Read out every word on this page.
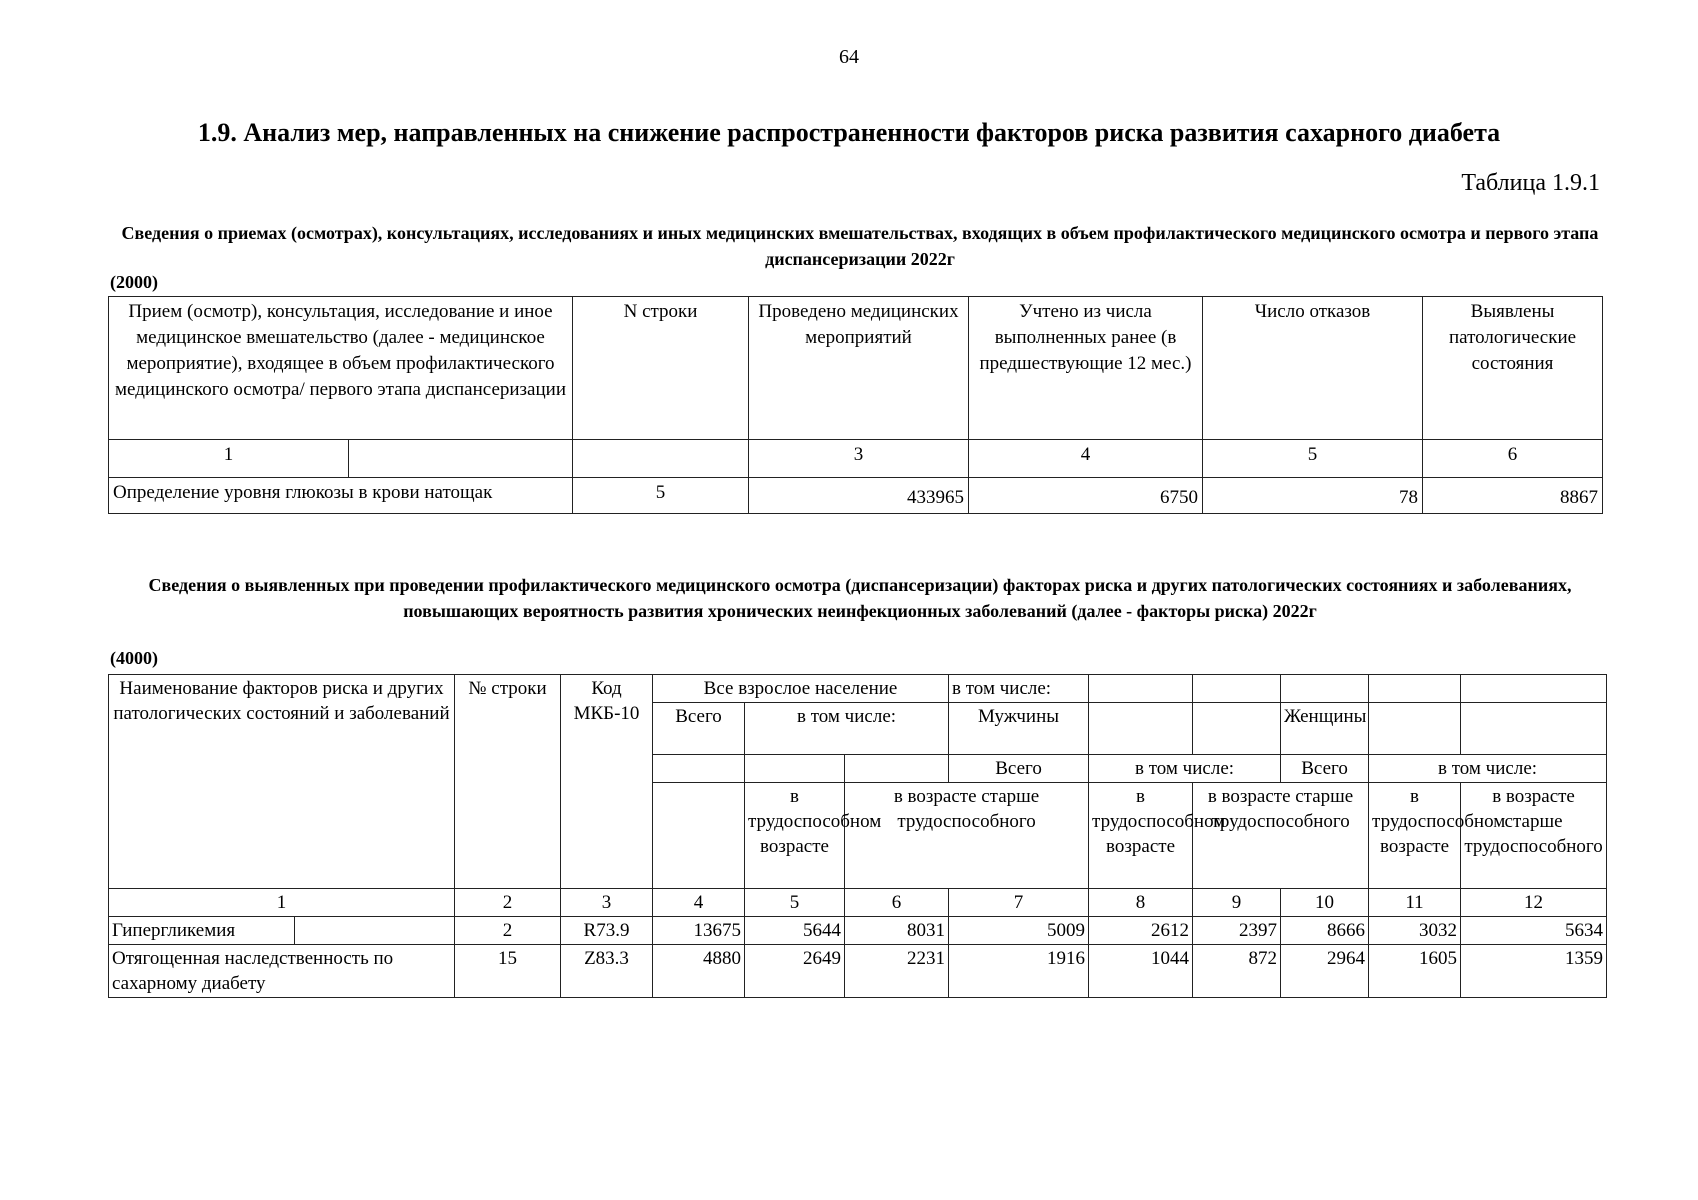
64
1.9. Анализ мер, направленных на снижение распространенности факторов риска развития сахарного диабета
Таблица 1.9.1
Сведения о приемах (осмотрах), консультациях, исследованиях и иных медицинских вмешательствах, входящих в объем профилактического медицинского осмотра и первого этапа диспансеризации 2022г
(2000)
Прием (осмотр), консультация, исследование и иное медицинское вмешательство (далее - медицинское мероприятие), входящее в объем профилактического медицинского осмотра/ первого этапа диспансеризации		N строки	Проведено медицинских мероприятий	Учтено из числа выполненных ранее (в предшествующие 12 мес.)	Число отказов	Выявлены патологические состояния
1			3	4	5	6
Определение уровня глюкозы в крови натощак		5	433965	6750	78	8867
Сведения о выявленных при проведении профилактического медицинского осмотра (диспансеризации) факторах риска и других патологических состояниях и заболеваниях, повышающих вероятность развития хронических неинфекционных заболеваний (далее - факторы риска) 2022г
(4000)
Наименование факторов риска и других патологических состояний и заболеваний		№ строки	Код МКБ-10	Все взрослое население			в том числе:					
				Всего	в том числе:		Мужчины			Женщины		
							Всего	в том числе:		Всего	в том числе:	
					в трудоспособном возрасте	в возрасте старше трудоспособного		в трудоспособном возрасте	в возрасте старше трудоспособного		в трудоспособном возрасте	в возрасте старше трудоспособного
1		2	3	4	5	6	7	8	9	10	11	12
Гипергликемия		2	R73.9	13675	5644	8031	5009	2612	2397	8666	3032	5634
Отягощенная наследственность по сахарному диабету		15	Z83.3	4880	2649	2231	1916	1044	872	2964	1605	1359
